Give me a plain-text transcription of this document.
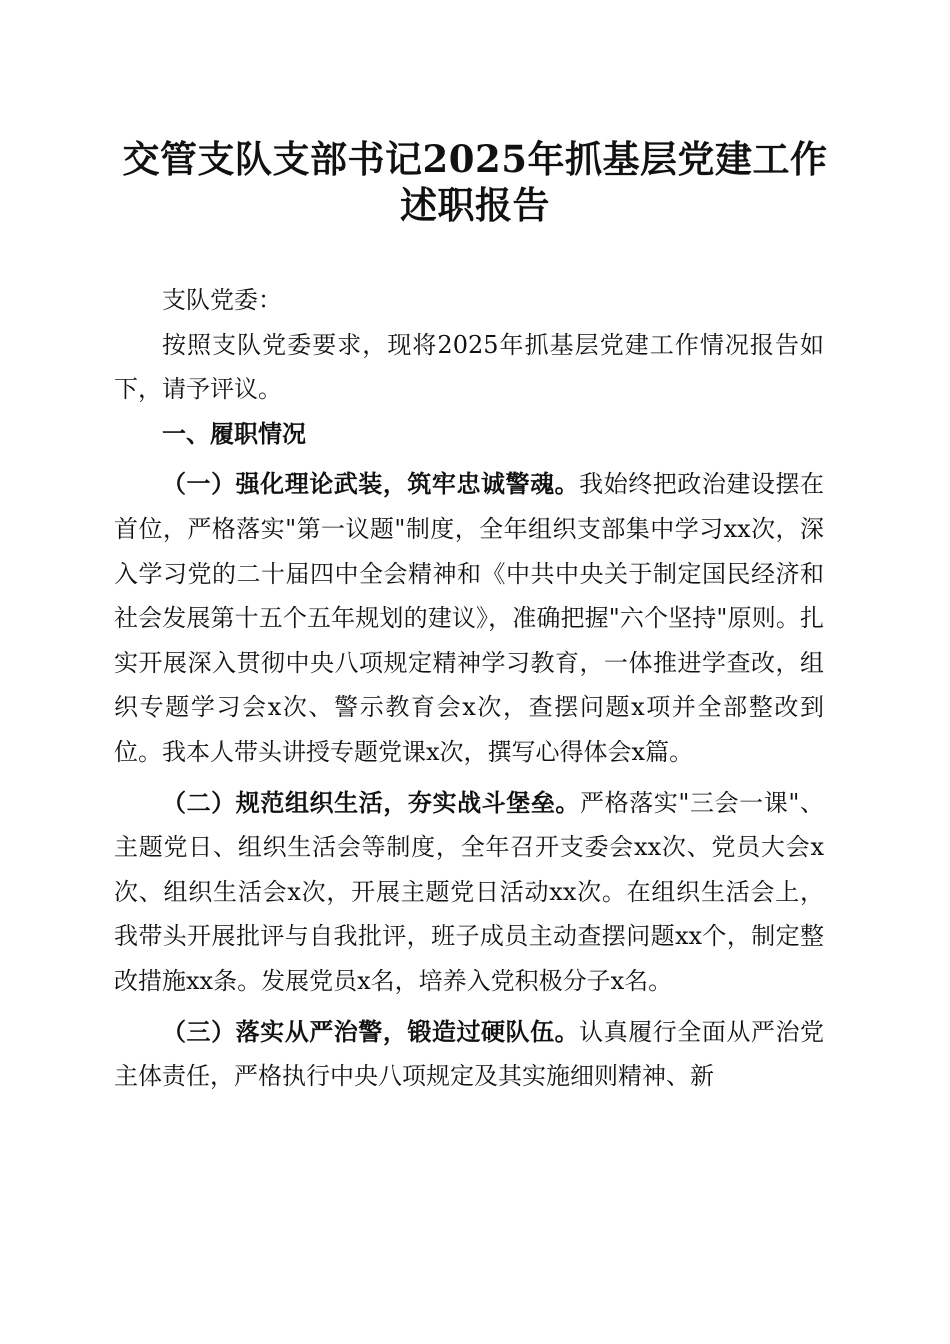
交管支队支部书记2025年抓基层党建工作述职报告

支队党委：

按照支队党委要求，现将2025年抓基层党建工作情况报告如下，请予评议。

一、履职情况

（一）强化理论武装，筑牢忠诚警魂。我始终把政治建设摆在首位，严格落实"第一议题"制度，全年组织支部集中学习xx次，深入学习党的二十届四中全会精神和《中共中央关于制定国民经济和社会发展第十五个五年规划的建议》，准确把握"六个坚持"原则。扎实开展深入贯彻中央八项规定精神学习教育，一体推进学查改，组织专题学习会x次、警示教育会x次，查摆问题x项并全部整改到位。我本人带头讲授专题党课x次，撰写心得体会x篇。

（二）规范组织生活，夯实战斗堡垒。严格落实"三会一课"、主题党日、组织生活会等制度，全年召开支委会xx次、党员大会x次、组织生活会x次，开展主题党日活动xx次。在组织生活会上，我带头开展批评与自我批评，班子成员主动查摆问题xx个，制定整改措施xx条。发展党员x名，培养入党积极分子x名。

（三）落实从严治警，锻造过硬队伍。认真履行全面从严治党主体责任，严格执行中央八项规定及其实施细则精神、新
